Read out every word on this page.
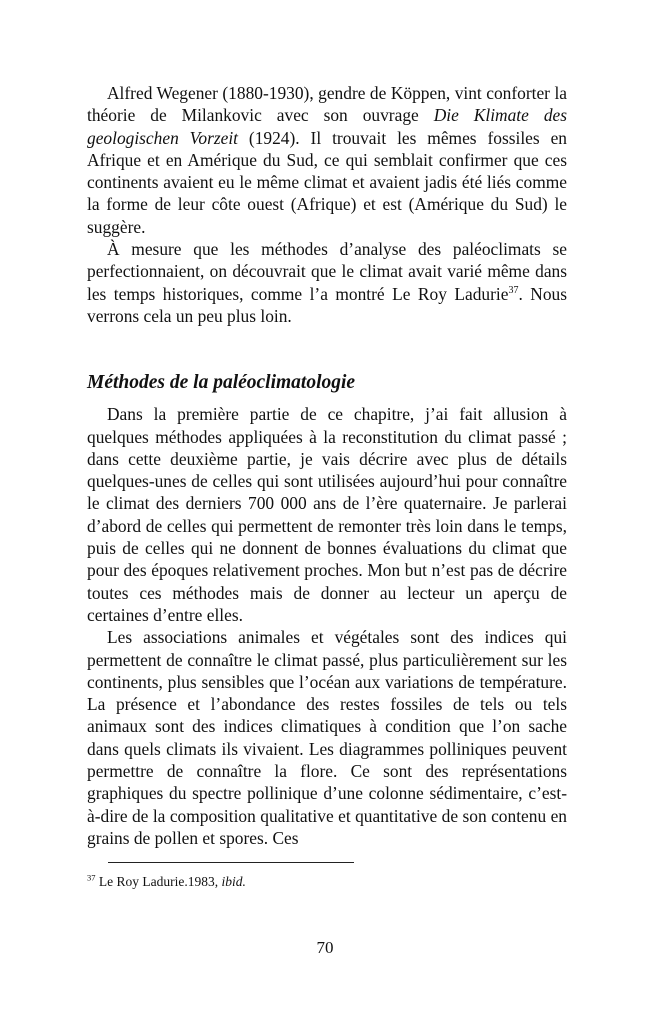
Alfred Wegener (1880-1930), gendre de Köppen, vint conforter la théorie de Milankovic avec son ouvrage Die Klimate des geologischen Vorzeit (1924). Il trouvait les mêmes fossiles en Afrique et en Amérique du Sud, ce qui semblait confirmer que ces continents avaient eu le même climat et avaient jadis été liés comme la forme de leur côte ouest (Afrique) et est (Amérique du Sud) le suggère.

À mesure que les méthodes d’analyse des paléoclimats se perfectionnaient, on découvrait que le climat avait varié même dans les temps historiques, comme l’a montré Le Roy Ladurie$^{37}$. Nous verrons cela un peu plus loin.

Méthodes de la paléoclimatologie

Dans la première partie de ce chapitre, j’ai fait allusion à quelques méthodes appliquées à la reconstitution du climat passé ; dans cette deuxième partie, je vais décrire avec plus de détails quelques-unes de celles qui sont utilisées aujourd’hui pour connaître le climat des derniers 700 000 ans de l’ère quaternaire. Je parlerai d’abord de celles qui permettent de remonter très loin dans le temps, puis de celles qui ne donnent de bonnes évaluations du climat que pour des époques relativement proches. Mon but n’est pas de décrire toutes ces méthodes mais de donner au lecteur un aperçu de certaines d’entre elles.

Les associations animales et végétales sont des indices qui permettent de connaître le climat passé, plus particulièrement sur les continents, plus sensibles que l’océan aux variations de température. La présence et l’abondance des restes fossiles de tels ou tels animaux sont des indices climatiques à condition que l’on sache dans quels climats ils vivaient. Les diagrammes polliniques peuvent permettre de connaître la flore. Ce sont des représentations graphiques du spectre pollinique d’une colonne sédimentaire, c’est-à-dire de la composition qualitative et quantitative de son contenu en grains de pollen et spores. Ces

$^{37}$ Le Roy Ladurie.1983, ibid.
70
